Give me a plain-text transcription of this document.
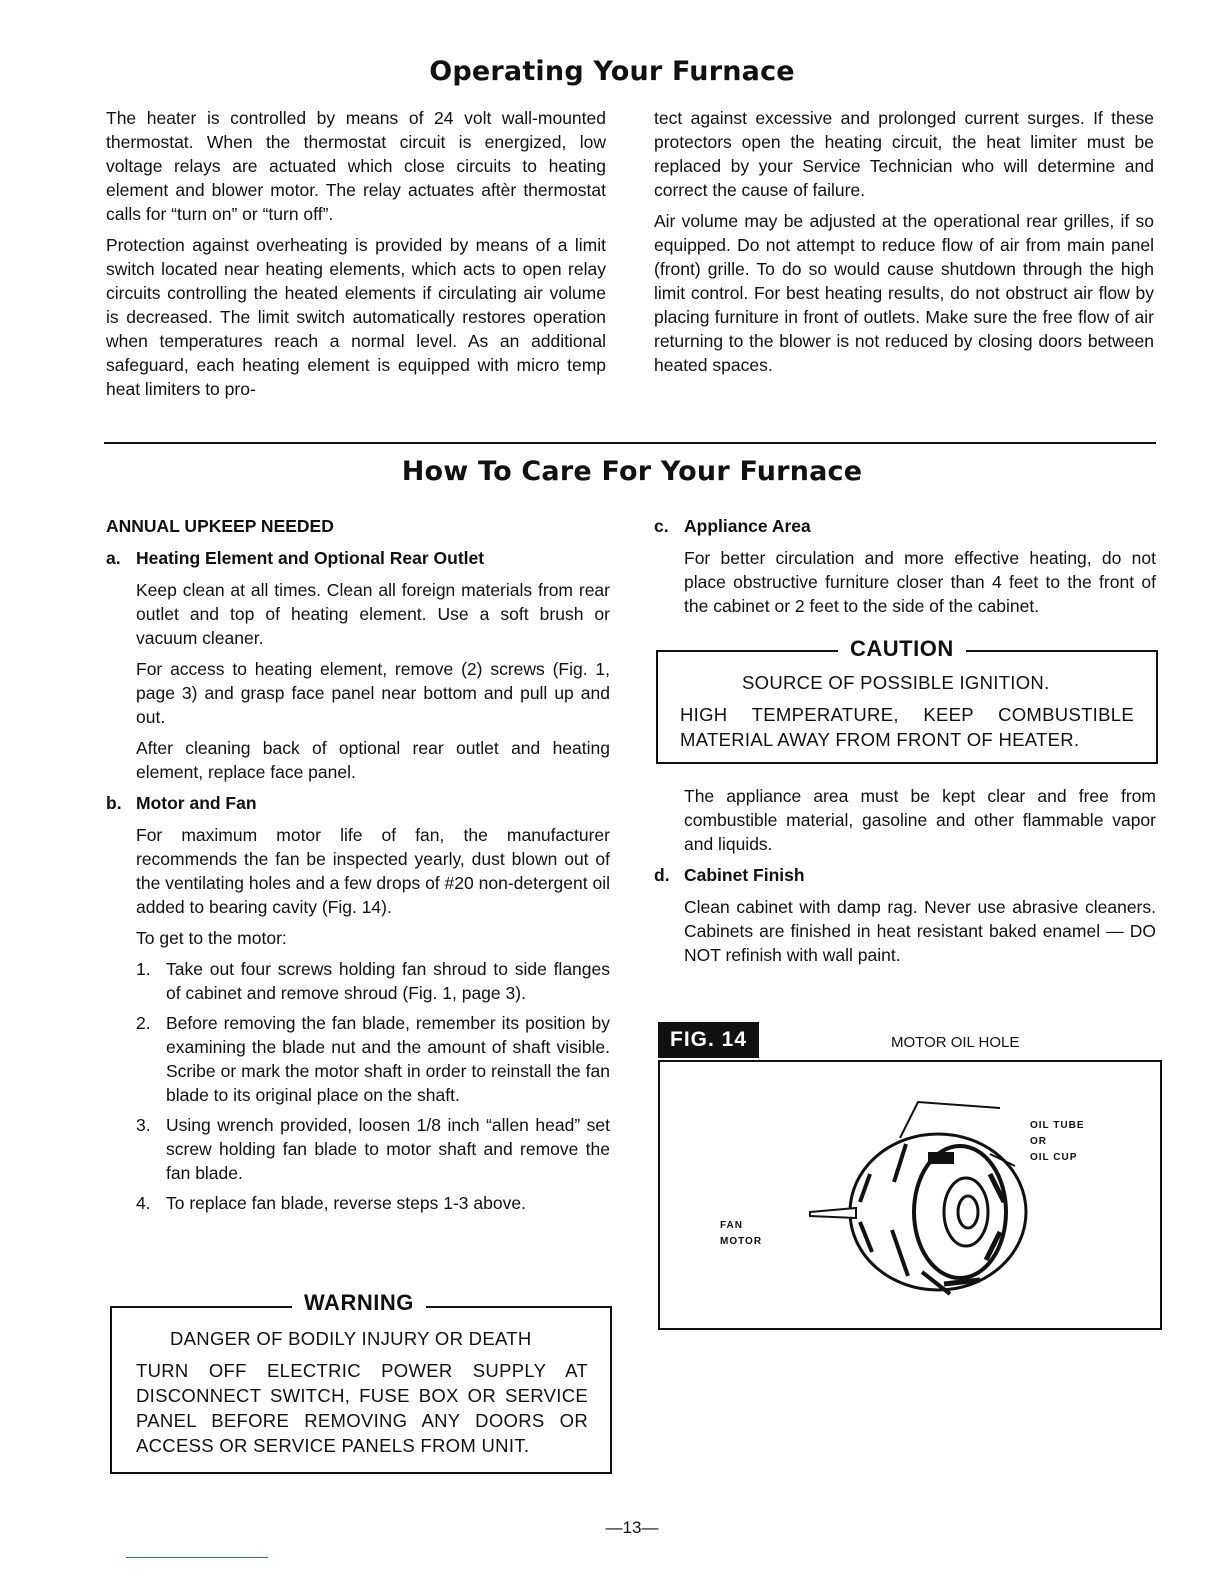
Operating Your Furnace

The heater is controlled by means of 24 volt wall-mounted thermostat. When the thermostat circuit is energized, low voltage relays are actuated which close circuits to heating element and blower motor. The relay actuates aftèr thermostat calls for “turn on” or “turn off”.

Protection against overheating is provided by means of a limit switch located near heating elements, which acts to open relay circuits controlling the heated elements if circulating air volume is decreased. The limit switch automatically restores operation when temperatures reach a normal level. As an additional safeguard, each heating element is equipped with micro temp heat limiters to pro-

tect against excessive and prolonged current surges. If these protectors open the heating circuit, the heat limiter must be replaced by your Service Technician who will determine and correct the cause of failure.

Air volume may be adjusted at the operational rear grilles, if so equipped. Do not attempt to reduce flow of air from main panel (front) grille. To do so would cause shutdown through the high limit control. For best heating results, do not obstruct air flow by placing furniture in front of outlets. Make sure the free flow of air returning to the blower is not reduced by closing doors between heated spaces.

How To Care For Your Furnace

ANNUAL UPKEEP NEEDED

a. Heating Element and Optional Rear Outlet

Keep clean at all times. Clean all foreign materials from rear outlet and top of heating element. Use a soft brush or vacuum cleaner.

For access to heating element, remove (2) screws (Fig. 1, page 3) and grasp face panel near bottom and pull up and out.

After cleaning back of optional rear outlet and heating element, replace face panel.

b. Motor and Fan

For maximum motor life of fan, the manufacturer recommends the fan be inspected yearly, dust blown out of the ventilating holes and a few drops of #20 non-detergent oil added to bearing cavity (Fig. 14).

To get to the motor:

1. Take out four screws holding fan shroud to side flanges of cabinet and remove shroud (Fig. 1, page 3).
2. Before removing the fan blade, remember its position by examining the blade nut and the amount of shaft visible. Scribe or mark the motor shaft in order to reinstall the fan blade to its original place on the shaft.
3. Using wrench provided, loosen 1/8 inch “allen head” set screw holding fan blade to motor shaft and remove the fan blade.
4. To replace fan blade, reverse steps 1-3 above.
WARNING
DANGER OF BODILY INJURY OR DEATH
TURN OFF ELECTRIC POWER SUPPLY AT DISCONNECT SWITCH, FUSE BOX OR SERVICE PANEL BEFORE REMOVING ANY DOORS OR ACCESS OR SERVICE PANELS FROM UNIT.
c. Appliance Area

For better circulation and more effective heating, do not place obstructive furniture closer than 4 feet to the front of the cabinet or 2 feet to the side of the cabinet.

CAUTION
SOURCE OF POSSIBLE IGNITION.
HIGH TEMPERATURE, KEEP COMBUSTIBLE MATERIAL AWAY FROM FRONT OF HEATER.

The appliance area must be kept clear and free from combustible material, gasoline and other flammable vapor and liquids.

d. Cabinet Finish

Clean cabinet with damp rag. Never use abrasive cleaners. Cabinets are finished in heat resistant baked enamel — DO NOT refinish with wall paint.

FIG. 14	MOTOR OIL HOLE
OIL TUBE
OR
OIL CUP
FAN
MOTOR
—13—
